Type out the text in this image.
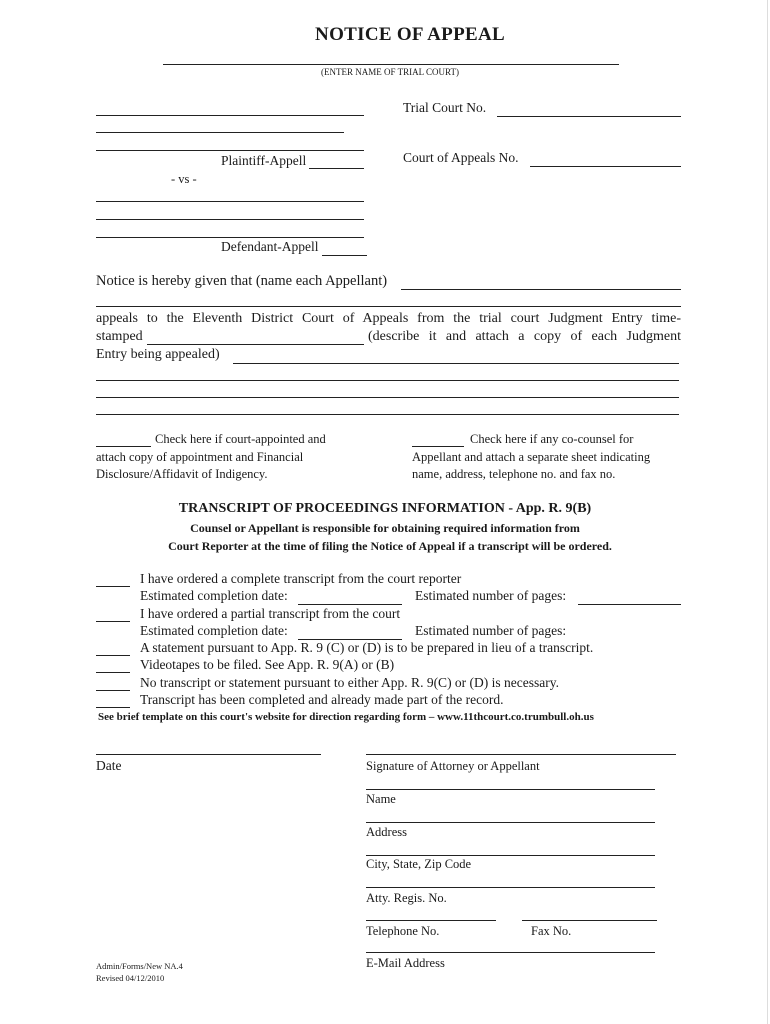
NOTICE OF APPEAL
(ENTER NAME OF TRIAL COURT)
Plaintiff-Appell
Trial Court No.
Court of Appeals No.
- vs -
Defendant-Appell
Notice is hereby given that (name each Appellant)
appeals to the Eleventh District Court of Appeals from the trial court Judgment Entry time-
stamped	(describe it and attach a copy of each Judgment
Entry being appealed)
Check here if court-appointed and
attach copy of appointment and Financial
Disclosure/Affidavit of Indigency.
Check here if any co-counsel for
Appellant and attach a separate sheet indicating
name, address, telephone no. and fax no.
TRANSCRIPT OF PROCEEDINGS INFORMATION - App. R. 9(B)
Counsel or Appellant is responsible for obtaining required information from
Court Reporter at the time of filing the Notice of Appeal if a transcript will be ordered.
I have ordered a complete transcript from the court reporter
Estimated completion date:	Estimated number of pages:
I have ordered a partial transcript from the court
Estimated completion date:	Estimated number of pages:
A statement pursuant to App. R. 9 (C) or (D) is to be prepared in lieu of a transcript.
Videotapes to be filed. See App. R. 9(A) or (B)
No transcript or statement pursuant to either App. R. 9(C) or (D) is necessary.
Transcript has been completed and already made part of the record.
See brief template on this court's website for direction regarding form – www.11thcourt.co.trumbull.oh.us
Date	Signature of Attorney or Appellant
Name
Address
City, State, Zip Code
Atty. Regis. No.
Telephone No.	Fax No.
E-Mail Address
Admin/Forms/New NA.4
Revised 04/12/2010
